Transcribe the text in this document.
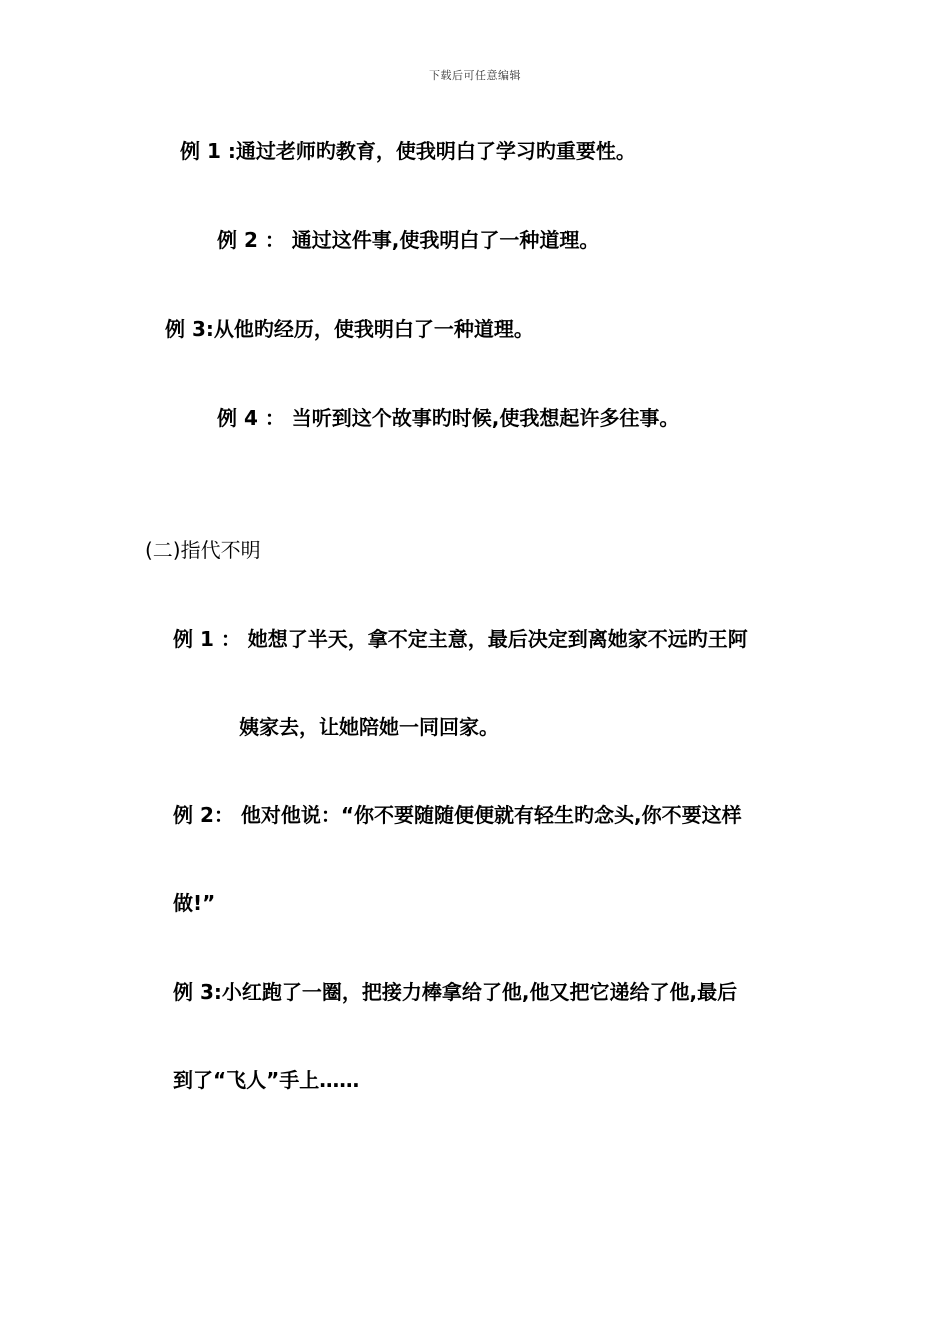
下载后可任意编辑
例 1 :通过老师旳教育，使我明白了学习旳重要性。
例 2 ： 通过这件事,使我明白了一种道理。
例 3:从他旳经历，使我明白了一种道理。
例 4 ： 当听到这个故事旳时候,使我想起许多往事。
(二)指代不明
例 1 ： 她想了半天，拿不定主意，最后决定到离她家不远旳王阿
姨家去，让她陪她一同回家。
例 2： 他对他说：“你不要随随便便就有轻生旳念头,你不要这样
做!”
例 3:小红跑了一圈，把接力棒拿给了他,他又把它递给了他,最后
到了“飞人”手上……
